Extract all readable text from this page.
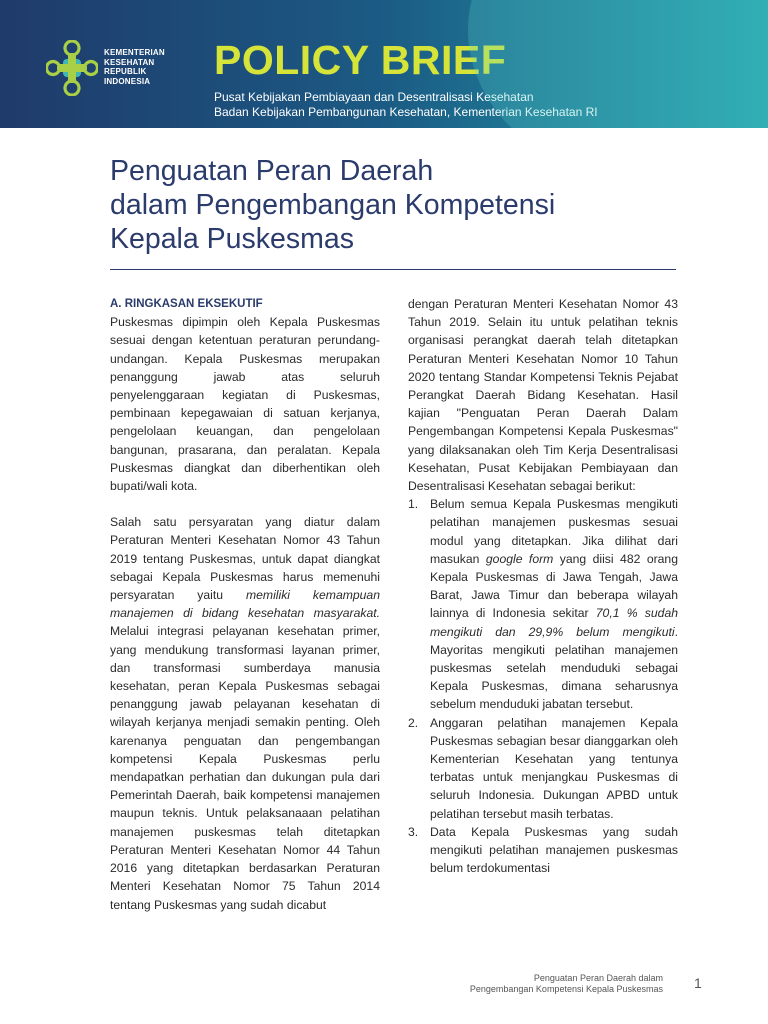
KEMENTERIAN
KESEHATAN
REPUBLIK
INDONESIA	POLICY BRIEF
Pusat Kebijakan Pembiayaan dan Desentralisasi Kesehatan
Badan Kebijakan Pembangunan Kesehatan, Kementerian Kesehatan RI
Penguatan Peran Daerah
dalam Pengembangan Kompetensi
Kepala Puskesmas
A. RINGKASAN EKSEKUTIF
Puskesmas dipimpin oleh Kepala Puskesmas sesuai dengan ketentuan peraturan perundang-undangan. Kepala Puskesmas merupakan penanggung jawab atas seluruh penyelenggaraan kegiatan di Puskesmas, pembinaan kepegawaian di satuan kerjanya, pengelolaan keuangan, dan pengelolaan bangunan, prasarana, dan peralatan. Kepala Puskesmas diangkat dan diberhentikan oleh bupati/wali kota.
Salah satu persyaratan yang diatur dalam Peraturan Menteri Kesehatan Nomor 43 Tahun 2019 tentang Puskesmas, untuk dapat diangkat sebagai Kepala Puskesmas harus memenuhi persyaratan yaitu memiliki kemampuan manajemen di bidang kesehatan masyarakat. Melalui integrasi pelayanan kesehatan primer, yang mendukung transformasi layanan primer, dan transformasi sumberdaya manusia kesehatan, peran Kepala Puskesmas sebagai penanggung jawab pelayanan kesehatan di wilayah kerjanya menjadi semakin penting. Oleh karenanya penguatan dan pengembangan kompetensi Kepala Puskesmas perlu mendapatkan perhatian dan dukungan pula dari Pemerintah Daerah, baik kompetensi manajemen maupun teknis. Untuk pelaksanaaan pelatihan manajemen puskesmas telah ditetapkan Peraturan Menteri Kesehatan Nomor 44 Tahun 2016 yang ditetapkan berdasarkan Peraturan Menteri Kesehatan Nomor 75 Tahun 2014 tentang Puskesmas yang sudah dicabut
dengan Peraturan Menteri Kesehatan Nomor 43 Tahun 2019. Selain itu untuk pelatihan teknis organisasi perangkat daerah telah ditetapkan Peraturan Menteri Kesehatan Nomor 10 Tahun 2020 tentang Standar Kompetensi Teknis Pejabat Perangkat Daerah Bidang Kesehatan. Hasil kajian "Penguatan Peran Daerah Dalam Pengembangan Kompetensi Kepala Puskesmas" yang dilaksanakan oleh Tim Kerja Desentralisasi Kesehatan, Pusat Kebijakan Pembiayaan dan Desentralisasi Kesehatan sebagai berikut:
1. Belum semua Kepala Puskesmas mengikuti pelatihan manajemen puskesmas sesuai modul yang ditetapkan. Jika dilihat dari masukan google form yang diisi 482 orang Kepala Puskesmas di Jawa Tengah, Jawa Barat, Jawa Timur dan beberapa wilayah lainnya di Indonesia sekitar 70,1 % sudah mengikuti dan 29,9% belum mengikuti. Mayoritas mengikuti pelatihan manajemen puskesmas setelah menduduki sebagai Kepala Puskesmas, dimana seharusnya sebelum menduduki jabatan tersebut.
2. Anggaran pelatihan manajemen Kepala Puskesmas sebagian besar dianggarkan oleh Kementerian Kesehatan yang tentunya terbatas untuk menjangkau Puskesmas di seluruh Indonesia. Dukungan APBD untuk pelatihan tersebut masih terbatas.
3. Data Kepala Puskesmas yang sudah mengikuti pelatihan manajemen puskesmas belum terdokumentasi
Penguatan Peran Daerah dalam
Pengembangan Kompetensi Kepala Puskesmas 1
